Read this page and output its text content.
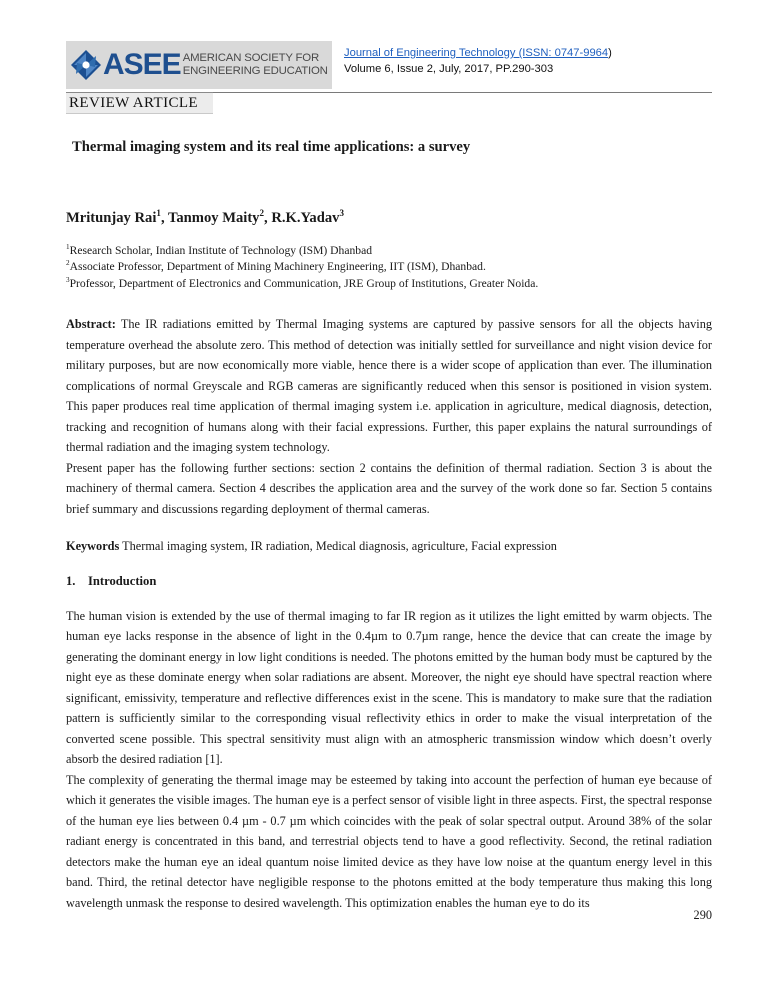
ASEE AMERICAN SOCIETY FOR
ENGINEERING EDUCATION
Journal of Engineering Technology (ISSN: 0747-9964)
Volume 6, Issue 2, July, 2017, PP.290-303
REVIEW ARTICLE
Thermal imaging system and its real time applications: a survey

Mritunjay Rai$^1$, Tanmoy Maity$^2$, R.K.Yadav$^3$

$^1$Research Scholar, Indian Institute of Technology (ISM) Dhanbad

$^2$Associate Professor, Department of Mining Machinery Engineering, IIT (ISM), Dhanbad.

$^3$Professor, Department of Electronics and Communication, JRE Group of Institutions, Greater Noida.

Abstract: The IR radiations emitted by Thermal Imaging systems are captured by passive sensors for all the objects having temperature overhead the absolute zero. This method of detection was initially settled for surveillance and night vision device for military purposes, but are now economically more viable, hence there is a wider scope of application than ever. The illumination complications of normal Greyscale and RGB cameras are significantly reduced when this sensor is positioned in vision system. This paper produces real time application of thermal imaging system i.e. application in agriculture, medical diagnosis, detection, tracking and recognition of humans along with their facial expressions. Further, this paper explains the natural surroundings of thermal radiation and the imaging system technology.

Present paper has the following further sections: section 2 contains the definition of thermal radiation. Section 3 is about the machinery of thermal camera. Section 4 describes the application area and the survey of the work done so far. Section 5 contains brief summary and discussions regarding deployment of thermal cameras.

Keywords Thermal imaging system, IR radiation, Medical diagnosis, agriculture, Facial expression

1. Introduction

The human vision is extended by the use of thermal imaging to far IR region as it utilizes the light emitted by warm objects. The human eye lacks response in the absence of light in the 0.4µm to 0.7µm range, hence the device that can create the image by generating the dominant energy in low light conditions is needed. The photons emitted by the human body must be captured by the night eye as these dominate energy when solar radiations are absent. Moreover, the night eye should have spectral reaction where significant, emissivity, temperature and reflective differences exist in the scene. This is mandatory to make sure that the radiation pattern is sufficiently similar to the corresponding visual reflectivity ethics in order to make the visual interpretation of the converted scene possible. This spectral sensitivity must align with an atmospheric transmission window which doesn’t overly absorb the desired radiation [1].

The complexity of generating the thermal image may be esteemed by taking into account the perfection of human eye because of which it generates the visible images. The human eye is a perfect sensor of visible light in three aspects. First, the spectral response of the human eye lies between 0.4 µm - 0.7 µm which coincides with the peak of solar spectral output. Around 38% of the solar radiant energy is concentrated in this band, and terrestrial objects tend to have a good reflectivity. Second, the retinal radiation detectors make the human eye an ideal quantum noise limited device as they have low noise at the quantum energy level in this band. Third, the retinal detector have negligible response to the photons emitted at the body temperature thus making this long wavelength unmask the response to desired wavelength. This optimization enables the human eye to do its

290
